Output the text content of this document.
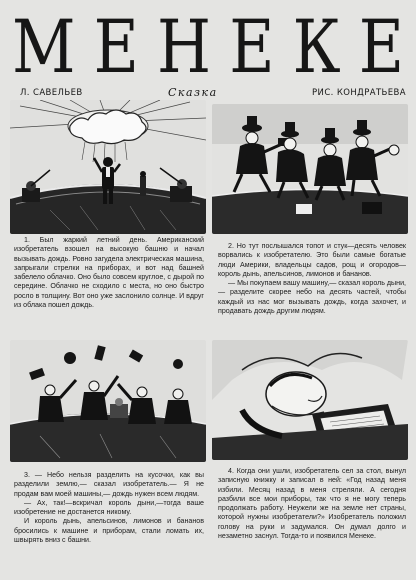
М Е Н Е К Е
Л. САВЕЛЬЕВ	Сказка	РИС. КОНДРАТЬЕВА

1. Был жаркий летний день. Американский изобретатель взошел на высокую башню и начал вызывать дождь. Ровно загудела электрическая машина, запрыгали стрелки на приборах, и вот над башней забелело облачко. Оно было совсем круглое, с дырой по середине. Облачко не сходило с места, но оно быстро росло в толщину. Вот оно уже заслонило солнце. И вдруг из облака пошел дождь.

2. Но тут послышался топот и стук—десять человек ворвались к изобретателю. Это были самые богатые люди Америки, владельцы садов, рощ и огородов—король дынь, апельсинов, лимонов и бананов.

— Мы покупаем вашу машину,— сказал король дыни,— разделите скорее небо на десять частей, чтобы каждый из нас мог вызывать дождь, когда захочет, и продавать дождь другим людям.

3. — Небо нельзя разделить на кусочки, как вы разделили землю,— сказал изобретатель.— Я не продам вам моей машины,— дождь нужен всем людям.

— Ах, так!—вскричал король дыни,—тогда ваше изобретение не достанется никому.

И король дынь, апельсинов, лимонов и бананов бросились к машине и приборам, стали ломать их, швырять вниз с башни.

4. Когда они ушли, изобретатель сел за стол, вынул записную книжку и записал в ней: «Год назад меня избили. Месяц назад в меня стреляли. А сегодня разбили все мои приборы, так что я не могу теперь продолжать работу. Неужели же на земле нет страны, которой нужны изобретатели?» Изобретатель положил голову на руки и задумался. Он думал долго и незаметно заснул. Тогда-то и появился Менеке.
